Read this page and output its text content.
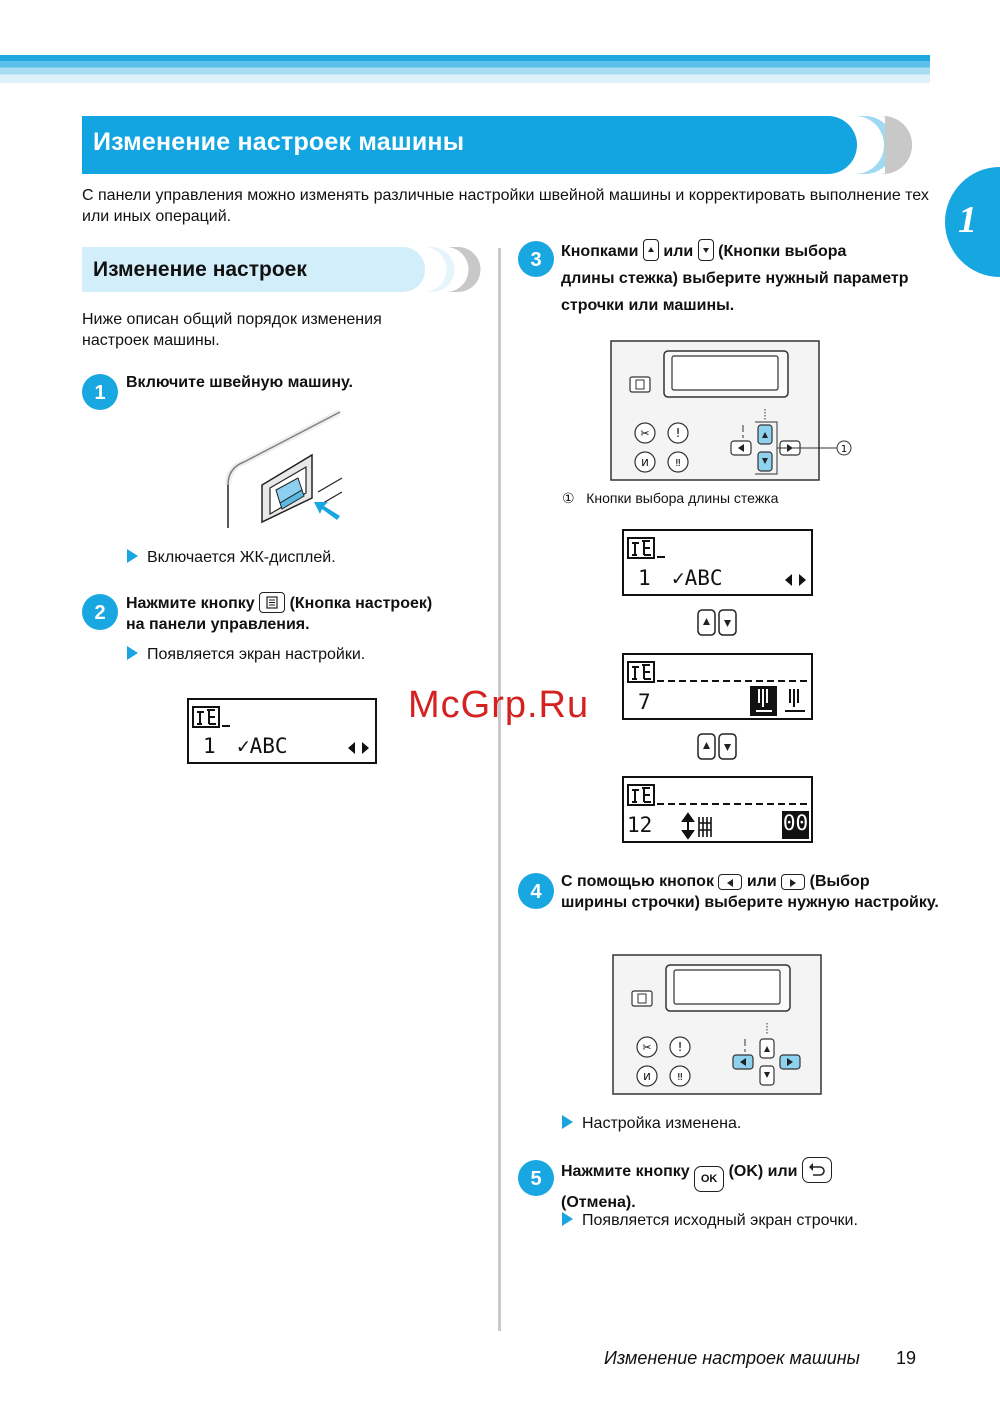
Изменение настроек машины
1
С панели управления можно изменять различные настройки швейной машины и корректировать выполнение тех или иных операций.
Изменение настроек
Ниже описан общий порядок изменения настроек машины.
1 Включите швейную машину.
Включается ЖК-дисплей.
2 Нажмите кнопку (Кнопка настроек)
на панели управления.
Появляется экран настройки.
1 ✓ABC
3 Кнопками или (Кнопки выбора
длины стежка) выберите нужный параметр строчки или машины.
✂ !
И	‼
1
① Кнопки выбора длины стежка
1 ✓ABC
7
12	00
4 С помощью кнопок или (Выбор
ширины строчки) выберите нужную настройку.
✂ !
И	‼
Настройка изменена.
5 Нажмите кнопку OK (OK) или
(Отмена).
Появляется исходный экран строчки.
McGrp.Ru
Изменение настроек машины 19
